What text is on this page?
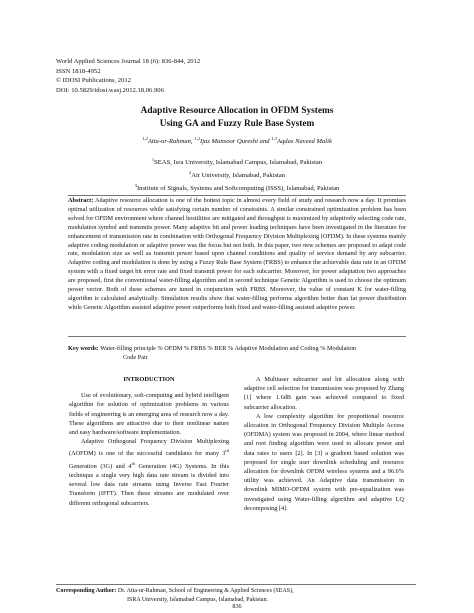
World Applied Sciences Journal 18 (6): 836-844, 2012
ISSN 1818-4952
© IDOSI Publications, 2012
DOI: 10.5829/idosi.wasj.2012.18.06.906
Adaptive Resource Allocation in OFDM Systems
Using GA and Fuzzy Rule Base System
$^{1,2}$Atta-ur-Rahman, $^{1,2}$Ijaz Mansoor Qureshi and $^{1,3}$Aqdas Naveed Malik
$^1$SEAS, Isra University, Islamabad Campus, Islamabad, Pakistan
$^2$Air University, Islamabad, Pakistan
$^3$Institute of Signals, Systems and Softcomputing (ISSS), Islamabad, Pakistan
Abstract: Adaptive resource allocation is one of the hottest topic in almost every field of study and research now a day. It promises optimal utilization of resources while satisfying certain number of constraints. A similar constrained optimization problem has been solved for OFDM environment where channel hostilities are mitigated and throughput is maximized by adaptively selecting code rate, modulation symbol and transmits power. Many adaptive bit and power loading techniques have been investigated in the literature for enhancement of transmission rate in combination with Orthogonal Frequency Division Multiplexing (OFDM). In these systems mainly adaptive coding modulation or adaptive power was the focus but not both. In this paper, two new schemes are proposed to adapt code rate, modulation size as well as transmit power based upon channel conditions and quality of service demand by any subcarrier. Adaptive coding and modulation is done by using a Fuzzy Rule Base System (FRBS) to enhance the achievable data rate in an OFDM system with a fixed target bit error rate and fixed transmit power for each subcarrier. Moreover, for power adaptation two approaches are proposed, first the conventional water-filling algorithm and in second technique Genetic Algorithm is used to choose the optimum power vector. Both of these schemes are tuned in conjunction with FRBS. Moreover, the value of constant K for water-filling algorithm is calculated analytically. Simulation results show that water-filling performs algorithm better than fat power distribution while Genetic Algorithm assisted adaptive power outperforms both fixed and water-filling assisted adaptive power.
Key words: Water-filling principle % OFDM % FRBS % BER % Adaptive Modulation and Coding % Modulation
Code Pair
INTRODUCTION

Use of evolutionary, soft-computing and hybrid intelligent algorithm for solution of optimization problems in various fields of engineering is an emerging area of research now a day. These algorithms are attractive due to their nonlinear nature and easy hardware/software implementation.

Adaptive Orthogonal Frequency Division Multiplexing (AOFDM) is one of the successful candidates for many 3rd Generation (3G) and 4th Generation (4G) Systems. In this technique a single very high data rate stream is divided into several low data rate streams using Inverse Fast Fourier Transform (IFFT). Then these streams are modulated over different orthogonal subcarriers.

A Multiuser subcarrier and bit allocation along with adaptive cell selection for transmission was proposed by Zhang [1] where 1.6dB gain was achieved compared to fixed subcarrier allocation.

A low complexity algorithm for proportional resource allocation in Orthogonal Frequency Division Multiple Access (OFDMA) system was proposed in 2004, where linear method and root finding algorithm were used to allocate power and data rates to users [2]. In [3] a gradient based solution was proposed for single user downlink scheduling and resource allocation for downlink OFDM wireless systems and a 96.6% utility was achieved. An Adaptive data transmission in downlink MIMO-OFDM system with pre-equalization was investigated using Water-filling algorithm and adaptive LQ decomposing [4].

Corresponding Author: Dr. Atta-ur-Rahman, School of Engineering & Applied Sciences (SEAS),
ISRA University, Islamabad Campus, Islamabad, Pakistan.
836
